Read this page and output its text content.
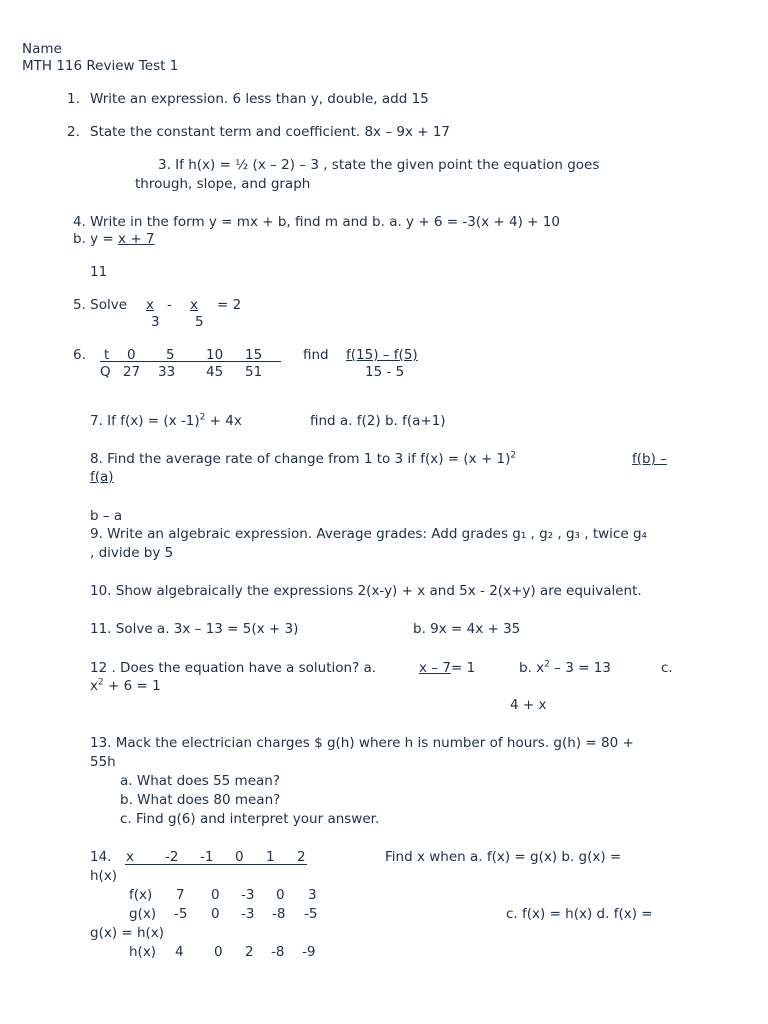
Name
MTH 116 Review Test 1
1. Write an expression. 6 less than y, double, add 15
2. State the constant term and coefficient. 8x – 9x + 17
3. If h(x) = ½ (x – 2) – 3 , state the given point the equation goes
through, slope, and graph
4. Write in the form y = mx + b, find m and b. a. y + 6 = -3(x + 4) + 10
b. y = x + 7
11
5. Solve x - x = 2
3	5
6. t 0 5 10 15
Q 27 33 45 51
find f(15) – f(5)
15 - 5
7. If f(x) = (x -1)$^2$ + 4x	find a. f(2) b. f(a+1)
8. Find the average rate of change from 1 to 3 if $f(x) = (x + 1)^2$	f(b) –
f(a)
b – a
9. Write an algebraic expression. Average grades: Add grades g₁ , g₂ , g₃ , twice g₄
, divide by 5
10. Show algebraically the expressions 2(x-y) + x and 5x - 2(x+y) are equivalent.
11. Solve a. 3x – 13 = 5(x + 3)	b. 9x = 4x + 35
12 . Does the equation have a solution? a.	x – 7 = 1	b. $x^2 - 3 = 13$	c.
$x^2 + 6 = 1$
4 + x
13. Mack the electrician charges $ g(h) where h is number of hours. g(h) = 80 +
55h
a. What does 55 mean?
b. What does 80 mean?
c. Find g(6) and interpret your answer.
14. x -2 -1 0 1 2
f(x) 7 0 -3 0 3
g(x) -5 0 -3 -8 -5
h(x) 4 0 2 -8 -9
Find x when a. f(x) = g(x) b. g(x) =
h(x)
c. f(x) = h(x) d. f(x) =
g(x) = h(x)
